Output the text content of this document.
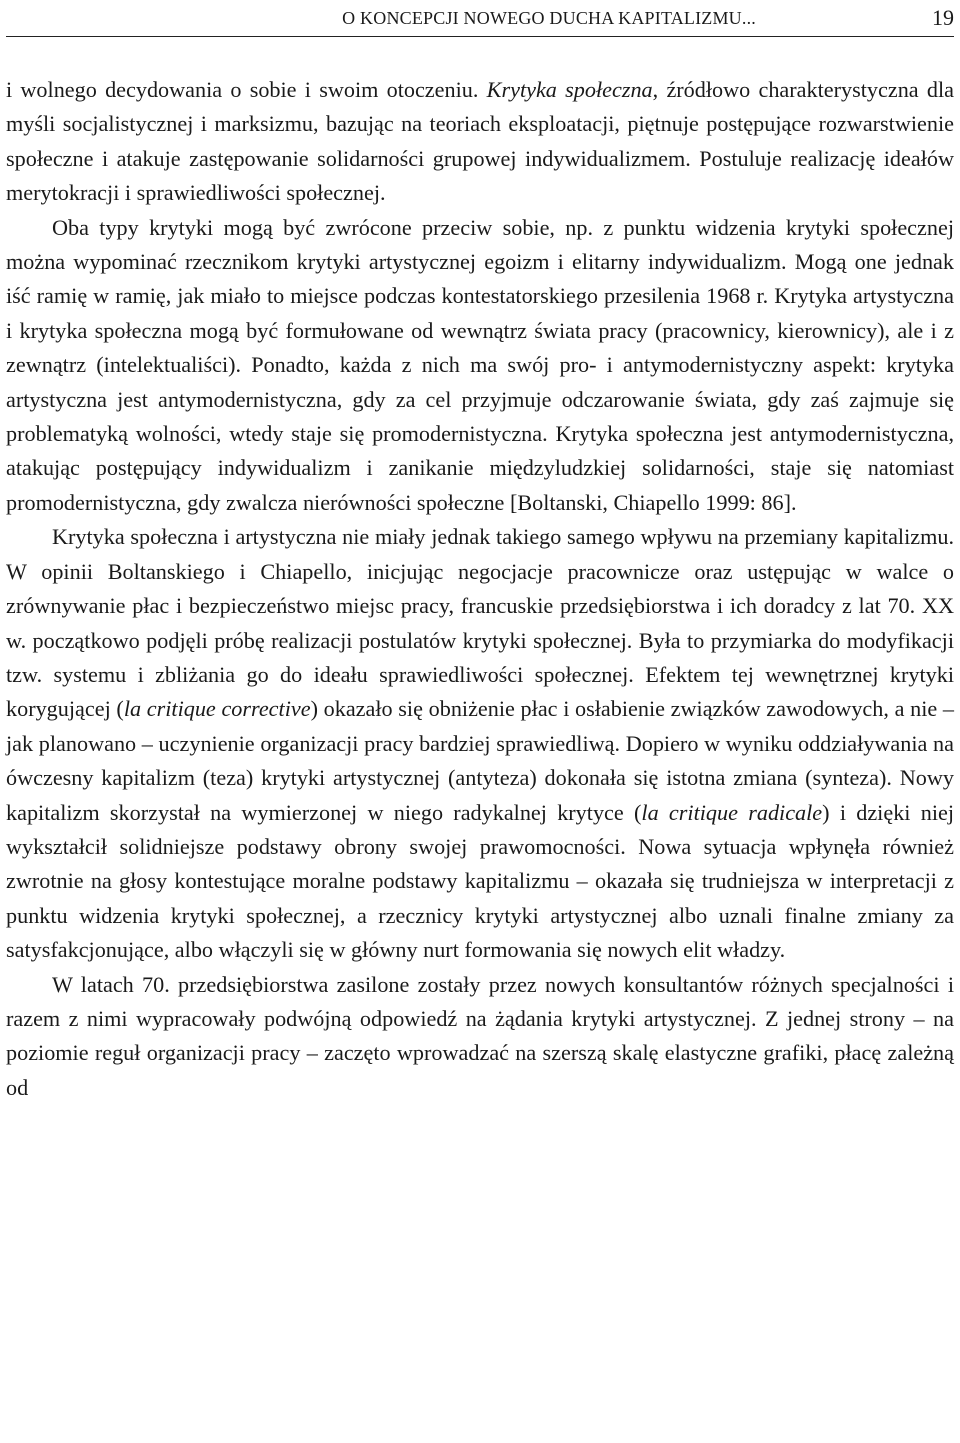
O KONCEPCJI NOWEGO DUCHA KAPITALIZMU...	19

i wolnego decydowania o sobie i swoim otoczeniu. Krytyka społeczna, źródłowo charakterystyczna dla myśli socjalistycznej i marksizmu, bazując na teoriach eksploatacji, piętnuje postępujące rozwarstwienie społeczne i atakuje zastępowanie solidarności grupowej indywidualizmem. Postuluje realizację ideałów merytokracji i sprawiedliwości społecznej.

Oba typy krytyki mogą być zwrócone przeciw sobie, np. z punktu widzenia krytyki społecznej można wypominać rzecznikom krytyki artystycznej egoizm i elitarny indywidualizm. Mogą one jednak iść ramię w ramię, jak miało to miejsce podczas kontestatorskiego przesilenia 1968 r. Krytyka artystyczna i krytyka społeczna mogą być formułowane od wewnątrz świata pracy (pracownicy, kierownicy), ale i z zewnątrz (intelektualiści). Ponadto, każda z nich ma swój pro- i antymodernistyczny aspekt: krytyka artystyczna jest antymodernistyczna, gdy za cel przyjmuje odczarowanie świata, gdy zaś zajmuje się problematyką wolności, wtedy staje się promodernistyczna. Krytyka społeczna jest antymodernistyczna, atakując postępujący indywidualizm i zanikanie międzyludzkiej solidarności, staje się natomiast promodernistyczna, gdy zwalcza nierówności społeczne [Boltanski, Chiapello 1999: 86].

Krytyka społeczna i artystyczna nie miały jednak takiego samego wpływu na przemiany kapitalizmu. W opinii Boltanskiego i Chiapello, inicjując negocjacje pracownicze oraz ustępując w walce o zrównywanie płac i bezpieczeństwo miejsc pracy, francuskie przedsiębiorstwa i ich doradcy z lat 70. XX w. początkowo podjęli próbę realizacji postulatów krytyki społecznej. Była to przymiarka do modyfikacji tzw. systemu i zbliżania go do ideału sprawiedliwości społecznej. Efektem tej wewnętrznej krytyki korygującej (la critique corrective) okazało się obniżenie płac i osłabienie związków zawodowych, a nie – jak planowano – uczynienie organizacji pracy bardziej sprawiedliwą. Dopiero w wyniku oddziaływania na ówczesny kapitalizm (teza) krytyki artystycznej (antyteza) dokonała się istotna zmiana (synteza). Nowy kapitalizm skorzystał na wymierzonej w niego radykalnej krytyce (la critique radicale) i dzięki niej wykształcił solidniejsze podstawy obrony swojej prawomocności. Nowa sytuacja wpłynęła również zwrotnie na głosy kontestujące moralne podstawy kapitalizmu – okazała się trudniejsza w interpretacji z punktu widzenia krytyki społecznej, a rzecznicy krytyki artystycznej albo uznali finalne zmiany za satysfakcjonujące, albo włączyli się w główny nurt formowania się nowych elit władzy.

W latach 70. przedsiębiorstwa zasilone zostały przez nowych konsultantów różnych specjalności i razem z nimi wypracowały podwójną odpowiedź na żądania krytyki artystycznej. Z jednej strony – na poziomie reguł organizacji pracy – zaczęto wprowadzać na szerszą skalę elastyczne grafiki, płacę zależną od
